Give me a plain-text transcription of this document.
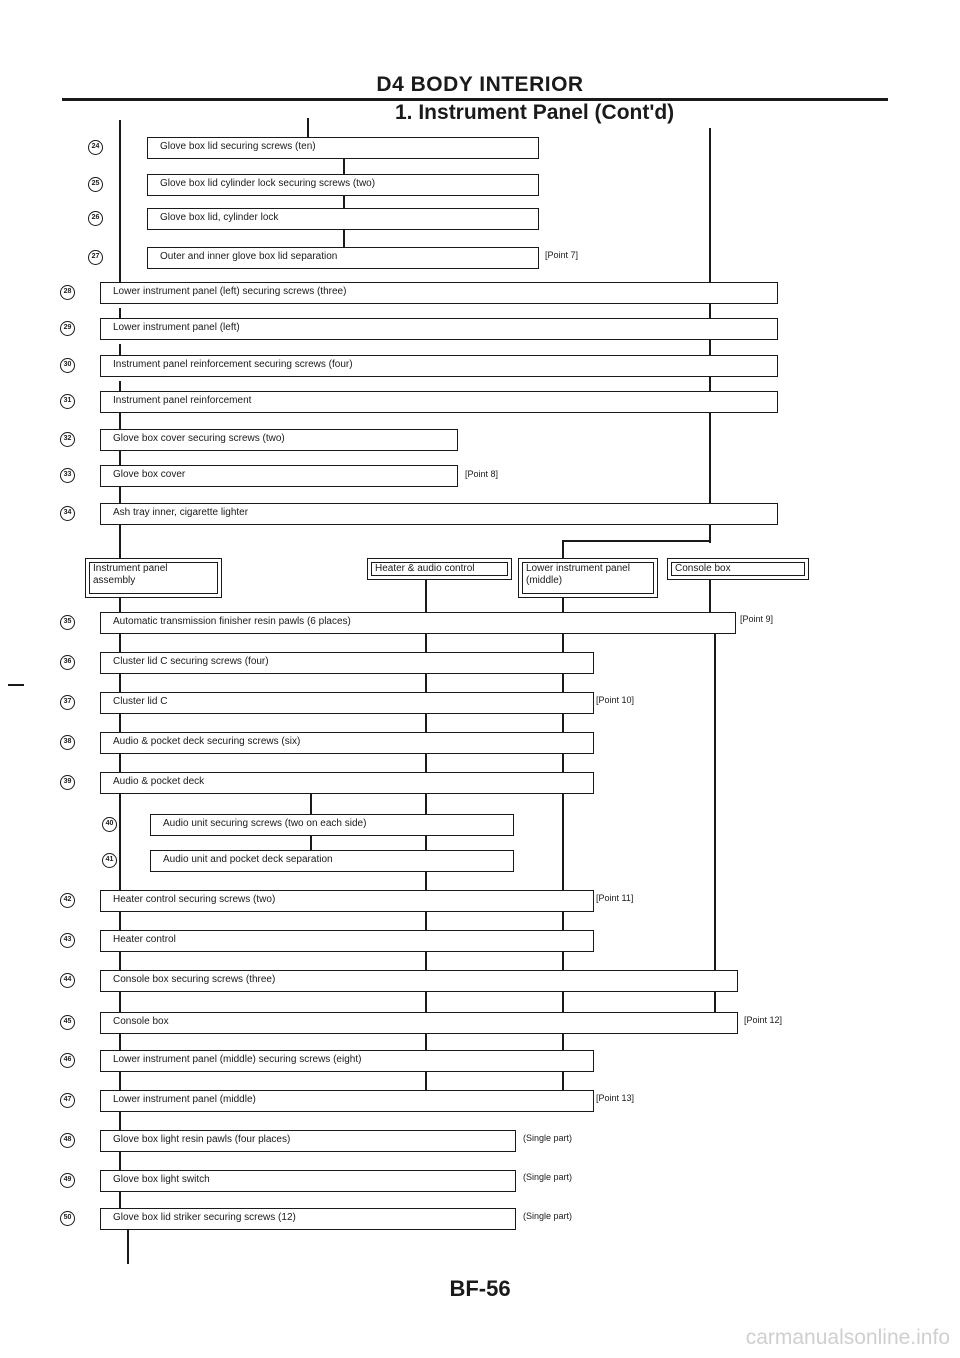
D4 BODY INTERIOR
1. Instrument Panel (Cont'd)
Glove box lid securing screws (ten)
24
Glove box lid cylinder lock securing screws (two)
25
Glove box lid, cylinder lock
26
Outer and inner glove box lid separation
27
Lower instrument panel (left) securing screws (three)
28
Lower instrument panel (left)
29
Instrument panel reinforcement securing screws (four)
30
Instrument panel reinforcement
31
Glove box cover securing screws (two)
32
Glove box cover
33
Ash tray inner, cigarette lighter
34
Automatic transmission finisher resin pawls (6 places)
35
Cluster lid C securing screws (four)
36
Cluster lid C
37
Audio & pocket deck securing screws (six)
38
Audio & pocket deck
39
Audio unit securing screws (two on each side)
40
Audio unit and pocket deck separation
41
Heater control securing screws (two)
42
Heater control
43
Console box securing screws (three)
44
Console box
45
Lower instrument panel (middle) securing screws (eight)
46
Lower instrument panel (middle)
47
Glove box light resin pawls (four places)
48
Glove box light switch
49
Glove box lid striker securing screws (12)
50
Instrument panel
assembly
Heater & audio control	Lower instrument panel
(middle)
Console box
[Point 7]
[Point 8]
[Point 9]
[Point 10]
[Point 11]
[Point 12]
[Point 13]
(Single part)
(Single part)
(Single part)
BF-56
carmanualsonline.info
